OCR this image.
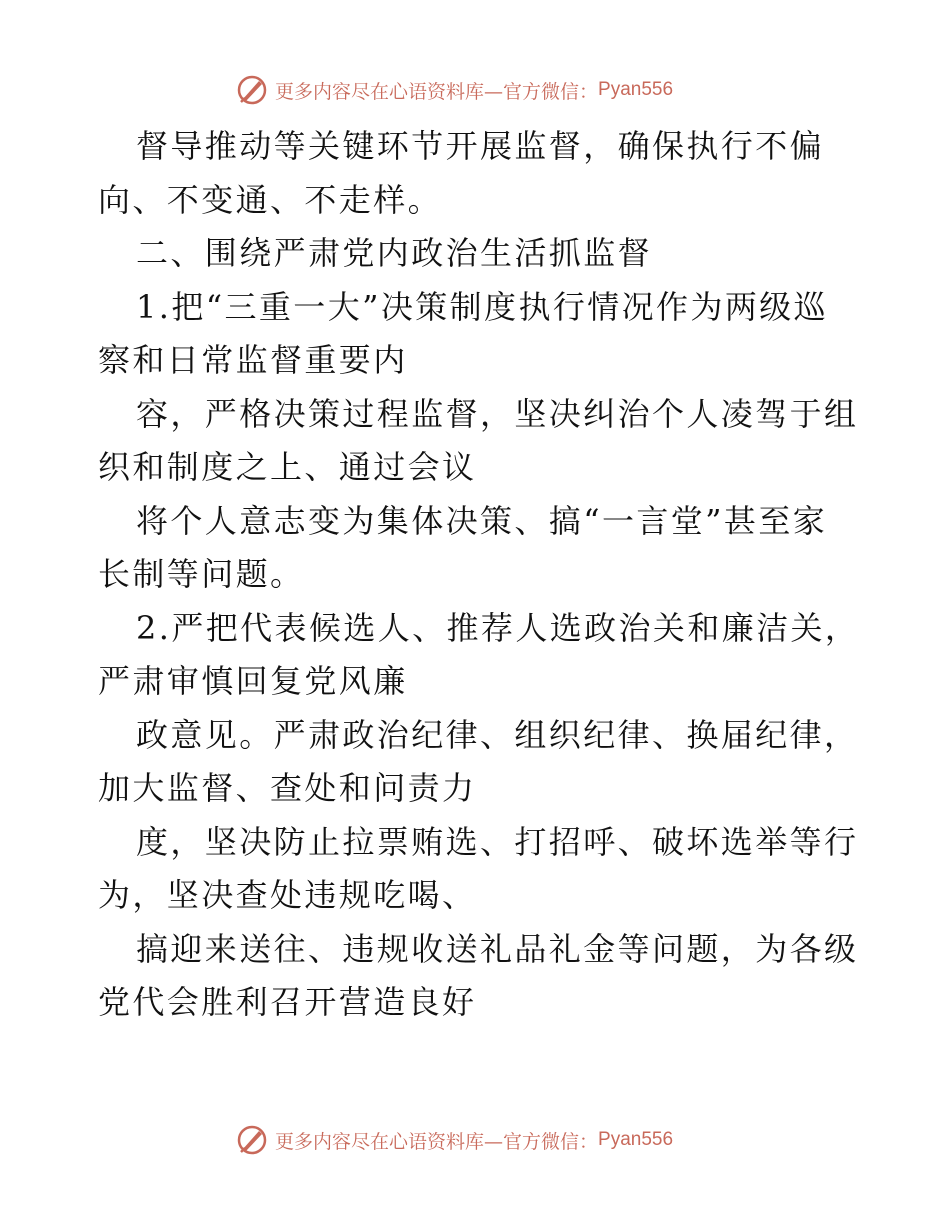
更多内容尽在心语资料库—官方微信： Pyan556
督导推动等关键环节开展监督，确保执行不偏
向、不变通、不走样。
二、围绕严肃党内政治生活抓监督
1.把“三重一大”决策制度执行情况作为两级巡
察和日常监督重要内
容，严格决策过程监督，坚决纠治个人凌驾于组
织和制度之上、通过会议
将个人意志变为集体决策、搞“一言堂”甚至家
长制等问题。
2.严把代表候选人、推荐人选政治关和廉洁关，
严肃审慎回复党风廉
政意见。严肃政治纪律、组织纪律、换届纪律，
加大监督、查处和问责力
度，坚决防止拉票贿选、打招呼、破坏选举等行
为，坚决查处违规吃喝、
搞迎来送往、违规收送礼品礼金等问题，为各级
党代会胜利召开营造良好
更多内容尽在心语资料库—官方微信： Pyan556
